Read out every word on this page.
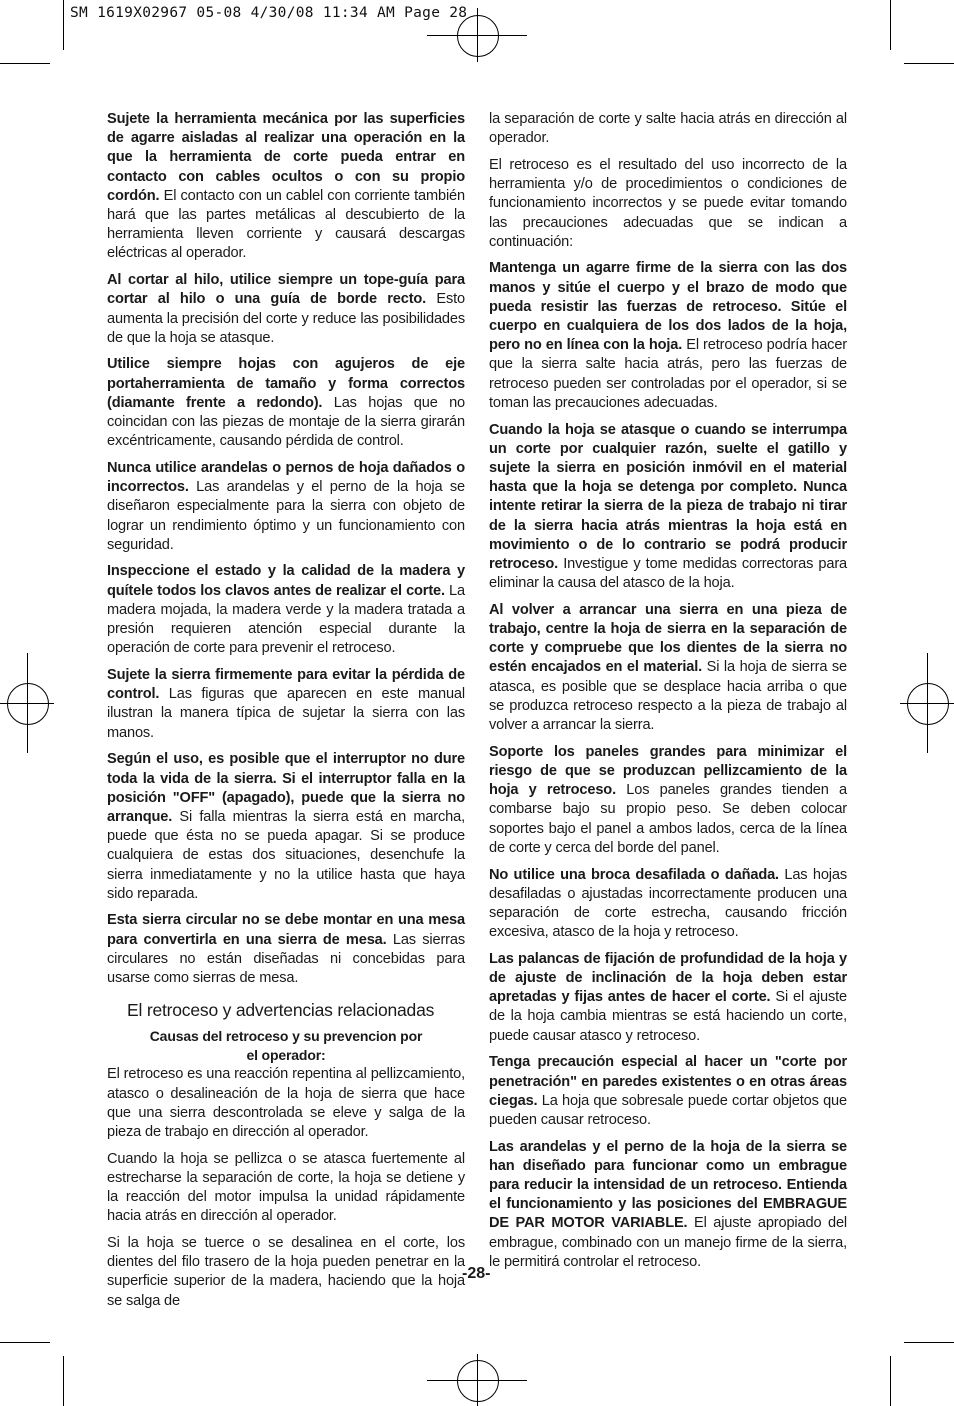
SM 1619X02967 05-08 4/30/08 11:34 AM Page 28

Sujete la herramienta mecánica por las superficies de agarre aisladas al realizar una operación en la que la herramienta de corte pueda entrar en contacto con cables ocultos o con su propio cordón. El contacto con un cablel con corriente también hará que las partes metálicas al descubierto de la herramienta lleven corriente y causará descargas eléctricas al operador.

Al cortar al hilo, utilice siempre un tope-guía para cortar al hilo o una guía de borde recto. Esto aumenta la precisión del corte y reduce las posibilidades de que la hoja se atasque.

Utilice siempre hojas con agujeros de eje portaherramienta de tamaño y forma correctos (diamante frente a redondo). Las hojas que no coincidan con las piezas de montaje de la sierra girarán excéntricamente, causando pérdida de control.

Nunca utilice arandelas o pernos de hoja dañados o incorrectos. Las arandelas y el perno de la hoja se diseñaron especialmente para la sierra con objeto de lograr un rendimiento óptimo y un funcionamiento con seguridad.

Inspeccione el estado y la calidad de la madera y quítele todos los clavos antes de realizar el corte. La madera mojada, la madera verde y la madera tratada a presión requieren atención especial durante la operación de corte para prevenir el retroceso.

Sujete la sierra firmemente para evitar la pérdida de control. Las figuras que aparecen en este manual ilustran la manera típica de sujetar la sierra con las manos.

Según el uso, es posible que el interruptor no dure toda la vida de la sierra. Si el interruptor falla en la posición "OFF" (apagado), puede que la sierra no arranque. Si falla mientras la sierra está en marcha, puede que ésta no se pueda apagar. Si se produce cualquiera de estas dos situaciones, desenchufe la sierra inmediatamente y no la utilice hasta que haya sido reparada.

Esta sierra circular no se debe montar en una mesa para convertirla en una sierra de mesa. Las sierras circulares no están diseñadas ni concebidas para usarse como sierras de mesa.

El retroceso y advertencias relacionadas
Causas del retroceso y su prevencion por
el operador:

El retroceso es una reacción repentina al pellizcamiento, atasco o desalineación de la hoja de sierra que hace que una sierra descontrolada se eleve y salga de la pieza de trabajo en dirección al operador.

Cuando la hoja se pellizca o se atasca fuertemente al estrecharse la separación de corte, la hoja se detiene y la reacción del motor impulsa la unidad rápidamente hacia atrás en dirección al operador.

Si la hoja se tuerce o se desalinea en el corte, los dientes del filo trasero de la hoja pueden penetrar en la superficie superior de la madera, haciendo que la hoja se salga de

la separación de corte y salte hacia atrás en dirección al operador.

El retroceso es el resultado del uso incorrecto de la herramienta y/o de procedimientos o condiciones de funcionamiento incorrectos y se puede evitar tomando las precauciones adecuadas que se indican a continuación:

Mantenga un agarre firme de la sierra con las dos manos y sitúe el cuerpo y el brazo de modo que pueda resistir las fuerzas de retroceso. Sitúe el cuerpo en cualquiera de los dos lados de la hoja, pero no en línea con la hoja. El retroceso podría hacer que la sierra salte hacia atrás, pero las fuerzas de retroceso pueden ser controladas por el operador, si se toman las precauciones adecuadas.

Cuando la hoja se atasque o cuando se interrumpa un corte por cualquier razón, suelte el gatillo y sujete la sierra en posición inmóvil en el material hasta que la hoja se detenga por completo. Nunca intente retirar la sierra de la pieza de trabajo ni tirar de la sierra hacia atrás mientras la hoja está en movimiento o de lo contrario se podrá producir retroceso. Investigue y tome medidas correctoras para eliminar la causa del atasco de la hoja.

Al volver a arrancar una sierra en una pieza de trabajo, centre la hoja de sierra en la separación de corte y compruebe que los dientes de la sierra no estén encajados en el material. Si la hoja de sierra se atasca, es posible que se desplace hacia arriba o que se produzca retroceso respecto a la pieza de trabajo al volver a arrancar la sierra.

Soporte los paneles grandes para minimizar el riesgo de que se produzcan pellizcamiento de la hoja y retroceso. Los paneles grandes tienden a combarse bajo su propio peso. Se deben colocar soportes bajo el panel a ambos lados, cerca de la línea de corte y cerca del borde del panel.

No utilice una broca desafilada o dañada. Las hojas desafiladas o ajustadas incorrectamente producen una separación de corte estrecha, causando fricción excesiva, atasco de la hoja y retroceso.

Las palancas de fijación de profundidad de la hoja y de ajuste de inclinación de la hoja deben estar apretadas y fijas antes de hacer el corte. Si el ajuste de la hoja cambia mientras se está haciendo un corte, puede causar atasco y retroceso.

Tenga precaución especial al hacer un "corte por penetración" en paredes existentes o en otras áreas ciegas. La hoja que sobresale puede cortar objetos que pueden causar retroceso.

Las arandelas y el perno de la hoja de la sierra se han diseñado para funcionar como un embrague para reducir la intensidad de un retroceso. Entienda el funcionamiento y las posiciones del EMBRAGUE DE PAR MOTOR VARIABLE. El ajuste apropiado del embrague, combinado con un manejo firme de la sierra, le permitirá controlar el retroceso.

-28-
